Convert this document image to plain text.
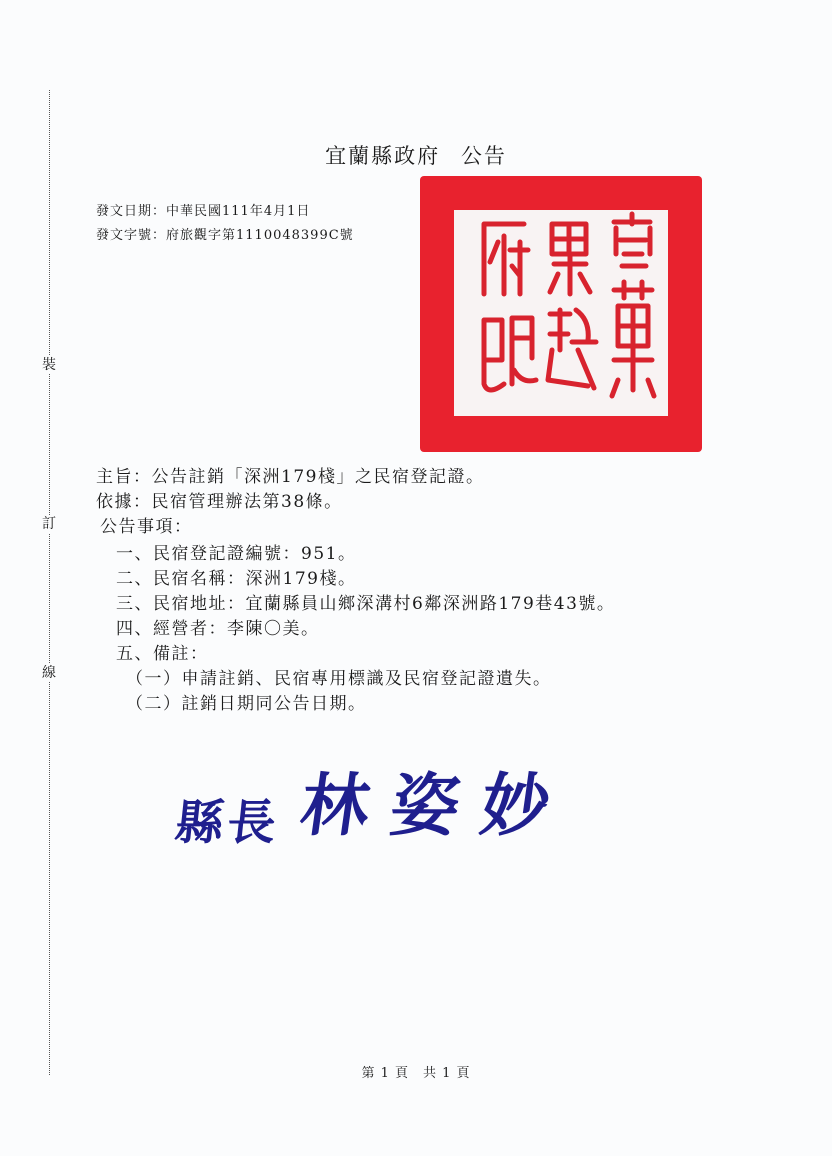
裝
訂
線
宜蘭縣政府 公告
發文日期：中華民國111年4月1日
發文字號：府旅觀字第1110048399C號
主旨：公告註銷「深洲179棧」之民宿登記證。
依據：民宿管理辦法第38條。
公告事項：
一、民宿登記證編號：951。
二、民宿名稱：深洲179棧。
三、民宿地址：宜蘭縣員山鄉深溝村6鄰深洲路179巷43號。
四、經營者：李陳〇美。
五、備註：
（一）申請註銷、民宿專用標識及民宿登記證遺失。
（二）註銷日期同公告日期。
縣長 林姿妙
第 1 頁　共 1 頁
